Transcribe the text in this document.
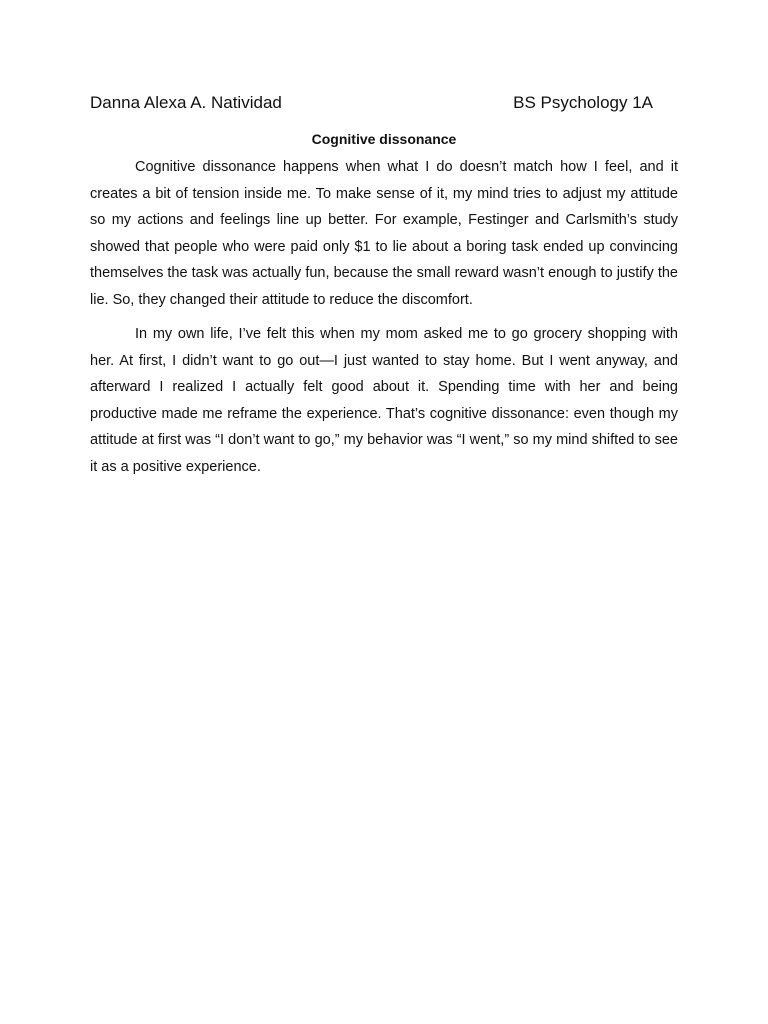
Danna Alexa A. Natividad	BS Psychology 1A
Cognitive dissonance

Cognitive dissonance happens when what I do doesn’t match how I feel, and it creates a bit of tension inside me. To make sense of it, my mind tries to adjust my attitude so my actions and feelings line up better. For example, Festinger and Carlsmith’s study showed that people who were paid only $1 to lie about a boring task ended up convincing themselves the task was actually fun, because the small reward wasn’t enough to justify the lie. So, they changed their attitude to reduce the discomfort.

In my own life, I’ve felt this when my mom asked me to go grocery shopping with her. At first, I didn’t want to go out—I just wanted to stay home. But I went anyway, and afterward I realized I actually felt good about it. Spending time with her and being productive made me reframe the experience. That’s cognitive dissonance: even though my attitude at first was “I don’t want to go,” my behavior was “I went,” so my mind shifted to see it as a positive experience.
